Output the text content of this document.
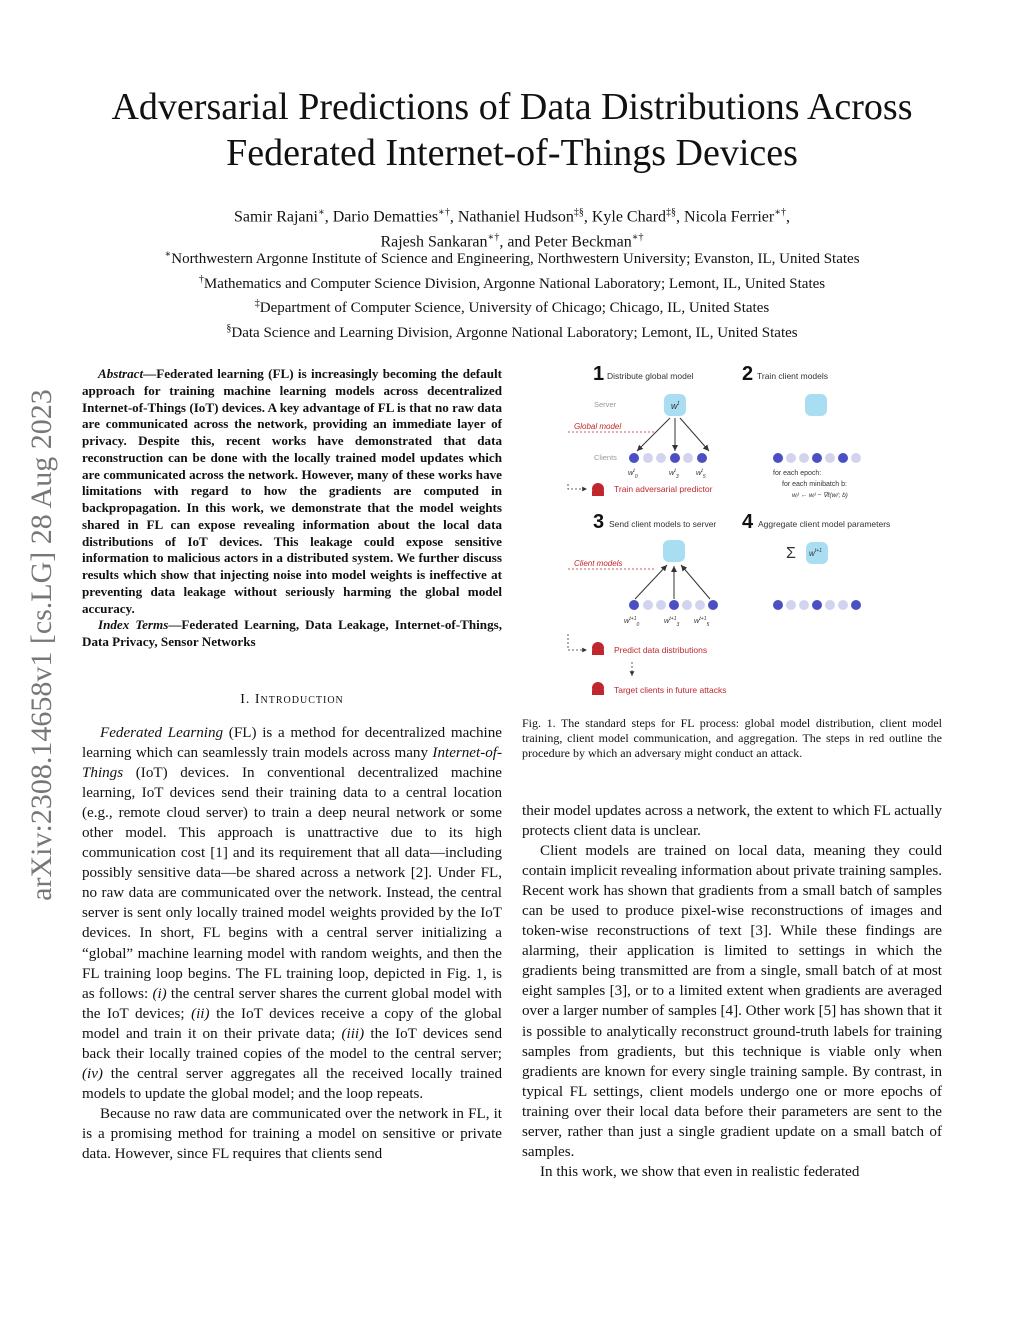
arXiv:2308.14658v1 [cs.LG] 28 Aug 2023
Adversarial Predictions of Data Distributions Across
Federated Internet-of-Things Devices
Samir Rajani∗, Dario Dematties∗†, Nathaniel Hudson‡§, Kyle Chard‡§, Nicola Ferrier∗†,
Rajesh Sankaran∗†, and Peter Beckman∗†
∗Northwestern Argonne Institute of Science and Engineering, Northwestern University; Evanston, IL, United States
†Mathematics and Computer Science Division, Argonne National Laboratory; Lemont, IL, United States
‡Department of Computer Science, University of Chicago; Chicago, IL, United States
§Data Science and Learning Division, Argonne National Laboratory; Lemont, IL, United States

Abstract—Federated learning (FL) is increasingly becoming the default approach for training machine learning models across decentralized Internet-of-Things (IoT) devices. A key advantage of FL is that no raw data are communicated across the network, providing an immediate layer of privacy. Despite this, recent works have demonstrated that data reconstruction can be done with the locally trained model updates which are communicated across the network. However, many of these works have limitations with regard to how the gradients are computed in backpropagation. In this work, we demonstrate that the model weights shared in FL can expose revealing information about the local data distributions of IoT devices. This leakage could expose sensitive information to malicious actors in a distributed system. We further discuss results which show that injecting noise into model weights is ineffective at preventing data leakage without seriously harming the global model accuracy.

Index Terms—Federated Learning, Data Leakage, Internet-of-Things, Data Privacy, Sensor Networks

I. Introduction

Federated Learning (FL) is a method for decentralized machine learning which can seamlessly train models across many Internet-of-Things (IoT) devices. In conventional decentralized machine learning, IoT devices send their training data to a central location (e.g., remote cloud server) to train a deep neural network or some other model. This approach is unattractive due to its high communication cost [1] and its requirement that all data—including possibly sensitive data—be shared across a network [2]. Under FL, no raw data are communicated over the network. Instead, the central server is sent only locally trained model weights provided by the IoT devices. In short, FL begins with a central server initializing a “global” machine learning model with random weights, and then the FL training loop begins. The FL training loop, depicted in Fig. 1, is as follows: (i) the central server shares the current global model with the IoT devices; (ii) the IoT devices receive a copy of the global model and train it on their private data; (iii) the IoT devices send back their locally trained copies of the model to the central server; (iv) the central server aggregates all the received locally trained models to update the global model; and the loop repeats.

Because no raw data are communicated over the network in FL, it is a promising method for training a model on sensitive or private data. However, since FL requires that clients send

1 Distribute global model
Server
Global model
$w^t$
Clients
$w^t_0$	$w^t_3$ $w^t_5$
Train adversarial predictor
2 Train client models
for each epoch:
for each minibatch b:
wᵢᵗ ← wᵢᵗ − ∇ℓ(wᵢᵗ; b)
3 Send client models to server
Client models
$w^{t+1}_0$	$w^{t+1}_3$ $w^{t+1}_5$
Predict data distributions
Target clients in future attacks
4 Aggregate client model parameters
Σ $w^{t+1}$
Fig. 1. The standard steps for FL process: global model distribution, client model training, client model communication, and aggregation. The steps in red outline the procedure by which an adversary might conduct an attack.

their model updates across a network, the extent to which FL actually protects client data is unclear.

Client models are trained on local data, meaning they could contain implicit revealing information about private training samples. Recent work has shown that gradients from a small batch of samples can be used to produce pixel-wise reconstructions of images and token-wise reconstructions of text [3]. While these findings are alarming, their application is limited to settings in which the gradients being transmitted are from a single, small batch of at most eight samples [3], or to a limited extent when gradients are averaged over a larger number of samples [4]. Other work [5] has shown that it is possible to analytically reconstruct ground-truth labels for training samples from gradients, but this technique is viable only when gradients are known for every single training sample. By contrast, in typical FL settings, client models undergo one or more epochs of training over their local data before their parameters are sent to the server, rather than just a single gradient update on a small batch of samples.

In this work, we show that even in realistic federated
